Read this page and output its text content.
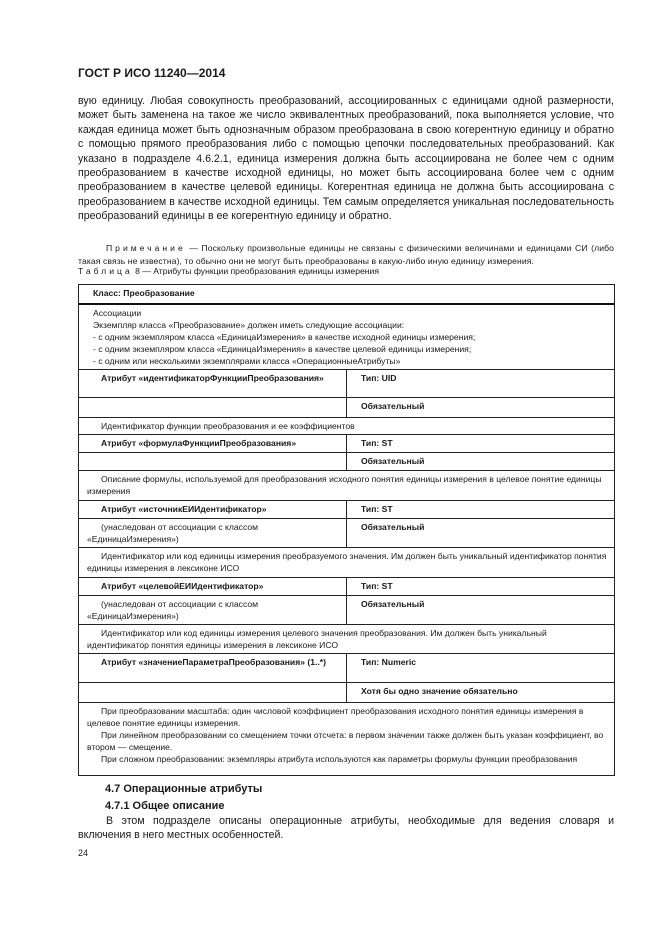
ГОСТ Р ИСО 11240—2014
вую единицу. Любая совокупность преобразований, ассоциированных с единицами одной размерности, может быть заменена на такое же число эквивалентных преобразований, пока выполняется условие, что каждая единица может быть однозначным образом преобразована в свою когерентную единицу и обратно с помощью прямого преобразования либо с помощью цепочки последовательных преобразований. Как указано в подразделе 4.6.2.1, единица измерения должна быть ассоциирована не более чем с одним преобразованием в качестве исходной единицы, но может быть ассоциирована более чем с одним преобразованием в качестве целевой единицы. Когерентная единица не должна быть ассоциирована с преобразованием в качестве исходной единицы. Тем самым определяется уникальная последовательность преобразований единицы в ее когерентную единицу и обратно.
Примечание — Поскольку произвольные единицы не связаны с физическими величинами и единицами СИ (либо такая связь не известна), то обычно они не могут быть преобразованы в какую-либо иную единицу измерения.
Таблица 8 — Атрибуты функции преобразования единицы измерения
Класс: Преобразование	

Ассоциации
Экземпляр класса «Преобразование» должен иметь следующие ассоциации:
- с одним экземпляром класса «ЕдиницаИзмерения» в качестве исходной единицы измерения;
- с одним экземпляром класса «ЕдиницаИзмерения» в качестве целевой единицы измерения;
- с одним или несколькими экземплярами класса «ОперационныеАтрибуты»	

Атрибут «идентификаторФункцииПреобразования»	Тип: UID
	Обязательный
Идентификатор функции преобразования и ее коэффициентов	
Атрибут «формулаФункцииПреобразования»	Тип: ST
	Обязательный
Описание формулы, используемой для преобразования исходного понятия единицы измерения в целевое понятие единицы измерения	
Атрибут «источникЕИИдентификатор»	Тип: ST
(унаследован от ассоциации с классом «ЕдиницаИзмерения»)	Обязательный
Идентификатор или код единицы измерения преобразуемого значения. Им должен быть уникальный идентификатор понятия единицы измерения в лексиконе ИСО	
Атрибут «целевойЕИИдентификатор»	Тип: ST
(унаследован от ассоциации с классом «ЕдиницаИзмерения»)	Обязательный
Идентификатор или код единицы измерения целевого значения преобразования. Им должен быть уникальный идентификатор понятия единицы измерения в лексиконе ИСО	
Атрибут «значениеПараметраПреобразования» (1..*)	Тип: Numeric
	Хотя бы одно значение обязательно

При преобразовании масштаба: один числовой коэффициент преобразования исходного понятия единицы измерения в целевое понятие единицы измерения.
При линейном преобразовании со смещением точки отсчета: в первом значении также должен быть указан коэффициент, во втором — смещение.
При сложном преобразовании: экземпляры атрибута используются как параметры формулы функции преобразования	
4.7 Операционные атрибуты
4.7.1 Общее описание
В этом подразделе описаны операционные атрибуты, необходимые для ведения словаря и включения в него местных особенностей.
24
